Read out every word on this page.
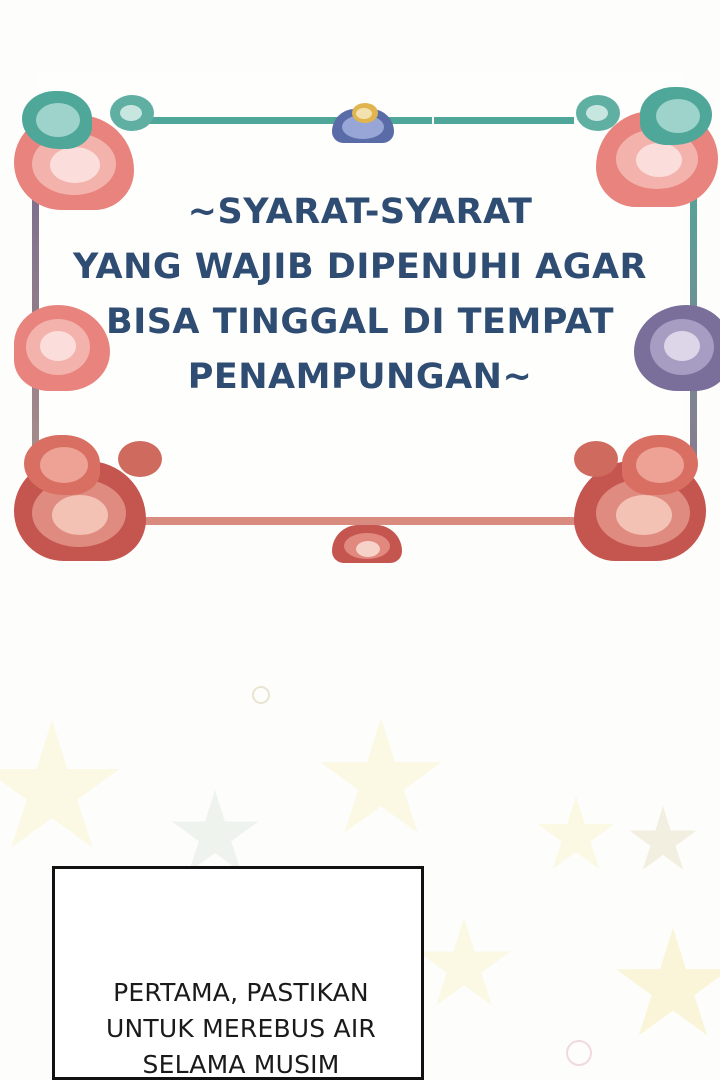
~SYARAT-SYARAT
YANG WAJIB DIPENUHI AGAR
BISA TINGGAL DI TEMPAT
PENAMPUNGAN~
PERTAMA, PASTIKAN
UNTUK MEREBUS AIR
SELAMA MUSIM
